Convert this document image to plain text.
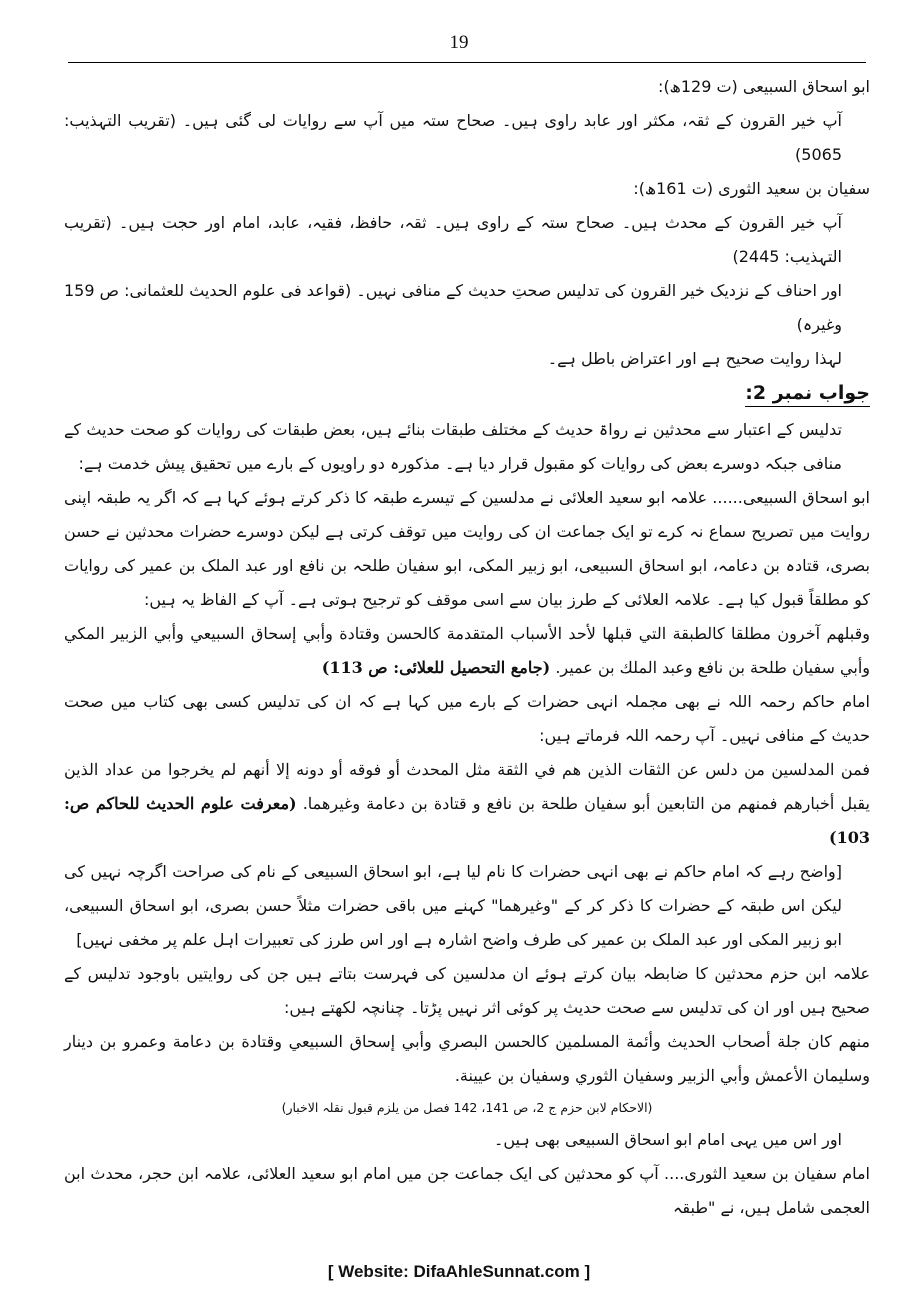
19

ابو اسحاق السبیعی (ت 129ھ):

آپ خیر القرون کے ثقہ، مکثر اور عابد راوی ہیں۔ صحاح ستہ میں آپ سے روایات لی گئی ہیں۔ (تقریب التہذیب: 5065)

سفیان بن سعید الثوری (ت 161ھ):

آپ خیر القرون کے محدث ہیں۔ صحاح ستہ کے راوی ہیں۔ ثقہ، حافظ، فقیہ، عابد، امام اور حجت ہیں۔ (تقریب التہذیب: 2445)

اور احناف کے نزدیک خیر القرون کی تدلیس صحتِ حدیث کے منافی نہیں۔ (قواعد فی علوم الحدیث للعثمانی: ص 159 وغیرہ)

لہذا روایت صحیح ہے اور اعتراض باطل ہے۔

جواب نمبر 2:

تدلیس کے اعتبار سے محدثین نے رواۃ حدیث کے مختلف طبقات بنائے ہیں، بعض طبقات کی روایات کو صحت حدیث کے منافی جبکہ دوسرے بعض کی روایات کو مقبول قرار دیا ہے۔ مذکورہ دو راویوں کے بارے میں تحقیق پیش خدمت ہے:

ابو اسحاق السبیعی...... علامہ ابو سعید العلائی نے مدلسین کے تیسرے طبقہ کا ذکر کرتے ہوئے کہا ہے کہ اگر یہ طبقہ اپنی روایت میں تصریح سماع نہ کرے تو ایک جماعت ان کی روایت میں توقف کرتی ہے لیکن دوسرے حضرات محدثین نے حسن بصری، قتادہ بن دعامہ، ابو اسحاق السبیعی، ابو زبیر المکی، ابو سفیان طلحہ بن نافع اور عبد الملک بن عمیر کی روایات کو مطلقاً قبول کیا ہے۔ علامہ العلائی کے طرز بیان سے اسی موقف کو ترجیح ہوتی ہے۔ آپ کے الفاظ یہ ہیں:

وقبلهم آخرون مطلقا كالطبقة التي قبلها لأحد الأسباب المتقدمة كالحسن وقتادة وأبي إسحاق السبيعي وأبي الزبير المكي وأبي سفيان طلحة بن نافع وعبد الملك بن عمير. (جامع التحصیل للعلائی: ص 113)

امام حاکم رحمہ اللہ نے بھی مجملہ انہی حضرات کے بارے میں کہا ہے کہ ان کی تدلیس کسی بھی کتاب میں صحت حدیث کے منافی نہیں۔ آپ رحمہ اللہ فرماتے ہیں:

فمن المدلسين من دلس عن الثقات الذين هم في الثقة مثل المحدث أو فوقه أو دونه إلا أنهم لم يخرجوا من عداد الذين يقبل أخبارهم فمنهم من التابعين أبو سفيان طلحة بن نافع و قتادة بن دعامة وغيرهما. (معرفت علوم الحدیث للحاکم ص: 103)

[واضح رہے کہ امام حاکم نے بھی انہی حضرات کا نام لیا ہے، ابو اسحاق السبیعی کے نام کی صراحت اگرچہ نہیں کی لیکن اس طبقہ کے حضرات کا ذکر کر کے "وغیرھما" کہنے میں باقی حضرات مثلاً حسن بصری، ابو اسحاق السبیعی، ابو زبیر المکی اور عبد الملک بن عمیر کی طرف واضح اشارہ ہے اور اس طرز کی تعبیرات اہل علم پر مخفی نہیں]

علامہ ابن حزم محدثین کا ضابطہ بیان کرتے ہوئے ان مدلسین کی فہرست بتاتے ہیں جن کی روایتیں باوجود تدلیس کے صحیح ہیں اور ان کی تدلیس سے صحت حدیث پر کوئی اثر نہیں پڑتا۔ چنانچہ لکھتے ہیں:

منهم كان جلة أصحاب الحديث وأئمة المسلمين كالحسن البصري وأبي إسحاق السبيعي وقتادة بن دعامة وعمرو بن دينار وسليمان الأعمش وأبي الزبير وسفيان الثوري وسفيان بن عيينة.

(الاحکام لابن حزم ج 2، ص 141، 142 فصل من یلزم قبول نقلہ الاخبار)

اور اس میں یہی امام ابو اسحاق السبیعی بھی ہیں۔

امام سفیان بن سعید الثوری.... آپ کو محدثین کی ایک جماعت جن میں امام ابو سعید العلائی، علامہ ابن حجر، محدث ابن العجمی شامل ہیں، نے "طبقہ

[ Website: DifaAhleSunnat.com ]
